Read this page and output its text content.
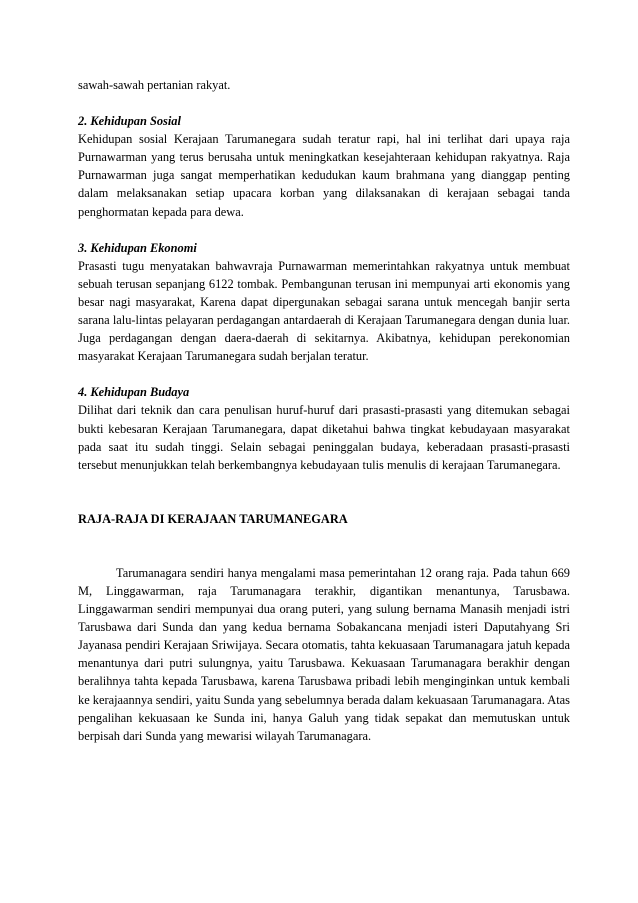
sawah-sawah pertanian rakyat.

2. Kehidupan Sosial

Kehidupan sosial Kerajaan Tarumanegara sudah teratur rapi, hal ini terlihat dari upaya raja Purnawarman yang terus berusaha untuk meningkatkan kesejahteraan kehidupan rakyatnya. Raja Purnawarman juga sangat memperhatikan kedudukan kaum brahmana yang dianggap penting dalam melaksanakan setiap upacara korban yang dilaksanakan di kerajaan sebagai tanda penghormatan kepada para dewa.

3. Kehidupan Ekonomi

Prasasti tugu menyatakan bahwavraja Purnawarman memerintahkan rakyatnya untuk membuat sebuah terusan sepanjang 6122 tombak. Pembangunan terusan ini mempunyai arti ekonomis yang besar nagi masyarakat, Karena dapat dipergunakan sebagai sarana untuk mencegah banjir serta sarana lalu-lintas pelayaran perdagangan antardaerah di Kerajaan Tarumanegara dengan dunia luar. Juga perdagangan dengan daera-daerah di sekitarnya. Akibatnya, kehidupan perekonomian masyarakat Kerajaan Tarumanegara sudah berjalan teratur.

4. Kehidupan Budaya

Dilihat dari teknik dan cara penulisan huruf-huruf dari prasasti-prasasti yang ditemukan sebagai bukti kebesaran Kerajaan Tarumanegara, dapat diketahui bahwa tingkat kebudayaan masyarakat pada saat itu sudah tinggi. Selain sebagai peninggalan budaya, keberadaan prasasti-prasasti tersebut menunjukkan telah berkembangnya kebudayaan tulis menulis di kerajaan Tarumanegara.

RAJA-RAJA DI KERAJAAN TARUMANEGARA

Tarumanagara sendiri hanya mengalami masa pemerintahan 12 orang raja. Pada tahun 669 M, Linggawarman, raja Tarumanagara terakhir, digantikan menantunya, Tarusbawa. Linggawarman sendiri mempunyai dua orang puteri, yang sulung bernama Manasih menjadi istri Tarusbawa dari Sunda dan yang kedua bernama Sobakancana menjadi isteri Daputahyang Sri Jayanasa pendiri Kerajaan Sriwijaya. Secara otomatis, tahta kekuasaan Tarumanagara jatuh kepada menantunya dari putri sulungnya, yaitu Tarusbawa. Kekuasaan Tarumanagara berakhir dengan beralihnya tahta kepada Tarusbawa, karena Tarusbawa pribadi lebih menginginkan untuk kembali ke kerajaannya sendiri, yaitu Sunda yang sebelumnya berada dalam kekuasaan Tarumanagara. Atas pengalihan kekuasaan ke Sunda ini, hanya Galuh yang tidak sepakat dan memutuskan untuk berpisah dari Sunda yang mewarisi wilayah Tarumanagara.
